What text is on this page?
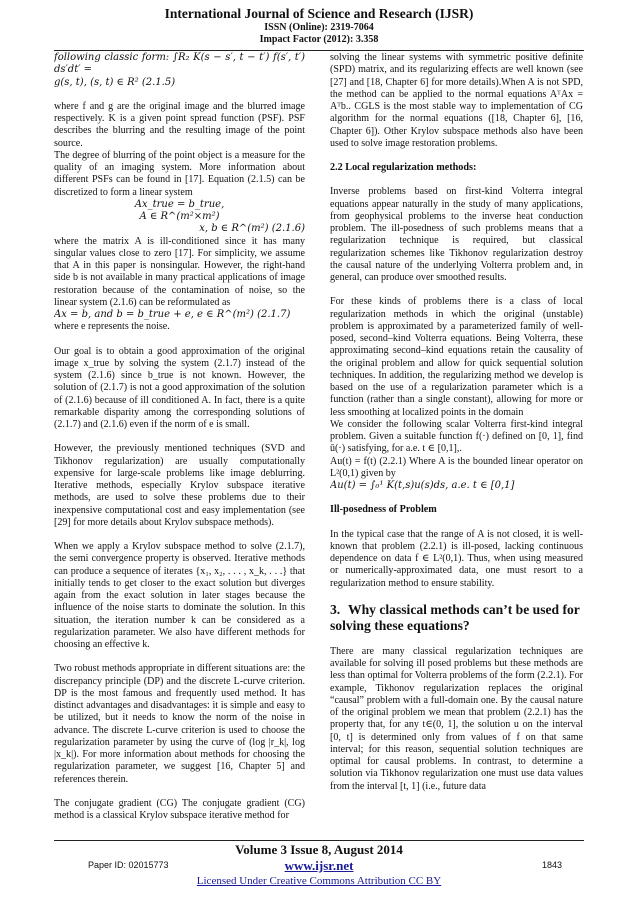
International Journal of Science and Research (IJSR)
ISSN (Online): 2319-7064
Impact Factor (2012): 3.358

following classic form: ∫R₂ K(s − s′, t − t′) f(s′, t′) ds′dt′ =

g(s, t), (s, t) ∈ R² (2.1.5)

where f and g are the original image and the blurred image respectively. K is a given point spread function (PSF). PSF describes the blurring and the resulting image of the point source.

The degree of blurring of the point object is a measure for the quality of an imaging system. More information about different PSFs can be found in [17]. Equation (2.1.5) can be discretized to form a linear system

Ax_true = b_true,

A ∈ R^(m²×m²)

x, b ∈ R^(m²) (2.1.6)

where the matrix A is ill-conditioned since it has many singular values close to zero [17]. For simplicity, we assume that A in this paper is nonsingular. However, the right-hand side b is not available in many practical applications of image restoration because of the contamination of noise, so the linear system (2.1.6) can be reformulated as

Ax = b, and b = b_true + e, e ∈ R^(m²) (2.1.7)

where e represents the noise.

Our goal is to obtain a good approximation of the original image x_true by solving the system (2.1.7) instead of the system (2.1.6) since b_true is not known. However, the solution of (2.1.7) is not a good approximation of the solution of (2.1.6) because of ill conditioned A. In fact, there is a quite remarkable disparity among the corresponding solutions of (2.1.7) and (2.1.6) even if the norm of e is small.

However, the previously mentioned techniques (SVD and Tikhonov regularization) are usually computationally expensive for large-scale problems like image deblurring. Iterative methods, especially Krylov subspace iterative methods, are used to solve these problems due to their inexpensive computational cost and easy implementation (see [29] for more details about Krylov subspace methods).

When we apply a Krylov subspace method to solve (2.1.7), the semi convergence property is observed. Iterative methods can produce a sequence of iterates {x₁, x₂, . . . , x_k, . . .} that initially tends to get closer to the exact solution but diverges again from the exact solution in later stages because the influence of the noise starts to dominate the solution. In this situation, the iteration number k can be considered as a regularization parameter. We also have different methods for choosing an effective k.

Two robust methods appropriate in different situations are: the discrepancy principle (DP) and the discrete L-curve criterion. DP is the most famous and frequently used method. It has distinct advantages and disadvantages: it is simple and easy to be utilized, but it needs to know the norm of the noise in advance. The discrete L-curve criterion is used to choose the regularization parameter by using the curve of (log |r_k|, log |x_k|). For more information about methods for choosing the regularization parameter, we suggest [16, Chapter 5] and references therein.

The conjugate gradient (CG) The conjugate gradient (CG) method is a classical Krylov subspace iterative method for

solving the linear systems with symmetric positive definite (SPD) matrix, and its regularizing effects are well known (see [27] and [18, Chapter 6] for more details).When A is not SPD, the method can be applied to the normal equations AᵀAx = Aᵀb.. CGLS is the most stable way to implementation of CG algorithm for the normal equations ([18, Chapter 6], [16, Chapter 6]). Other Krylov subspace methods also have been used to solve image restoration problems.

2.2 Local regularization methods:

Inverse problems based on first-kind Volterra integral equations appear naturally in the study of many applications, from geophysical problems to the inverse heat conduction problem. The ill-posedness of such problems means that a regularization technique is required, but classical regularization schemes like Tikhonov regularization destroy the causal nature of the underlying Volterra problem and, in general, can produce over smoothed results.

For these kinds of problems there is a class of local regularization methods in which the original (unstable) problem is approximated by a parameterized family of well-posed, second–kind Volterra equations. Being Volterra, these approximating second–kind equations retain the causality of the original problem and allow for quick sequential solution techniques. In addition, the regularizing method we develop is based on the use of a regularization parameter which is a function (rather than a single constant), allowing for more or less smoothing at localized points in the domain

We consider the following scalar Volterra first-kind integral problem. Given a suitable function f(·) defined on [0, 1], find ū(·) satisfying, for a.e. t ∈ [0,1],.

Au(t) = f(t) (2.2.1) Where A is the bounded linear operator on L²(0,1) given by

Au(t) = ∫₀¹ K(t,s)u(s)ds, a.e. t ∈ [0,1]

Ill-posedness of Problem

In the typical case that the range of A is not closed, it is well-known that problem (2.2.1) is ill-posed, lacking continuous dependence on data f ∈ L²(0,1). Thus, when using measured or numerically-approximated data, one must resort to a regularization method to ensure stability.

3. Why classical methods can’t be used for solving these equations?

There are many classical regularization techniques are available for solving ill posed problems but these methods are less than optimal for Volterra problems of the form (2.2.1). For example, Tikhonov regularization replaces the original “causal” problem with a full-domain one. By the causal nature of the original problem we mean that problem (2.2.1) has the property that, for any t∈(0, 1], the solution u on the interval [0, t] is determined only from values of f on that same interval; for this reason, sequential solution techniques are optimal for causal problems. In contrast, to determine a solution via Tikhonov regularization one must use data values from the interval [t, 1] (i.e., future data

Volume 3 Issue 8, August 2014
www.ijsr.net
Licensed Under Creative Commons Attribution CC BY
Paper ID: 02015773	1843
